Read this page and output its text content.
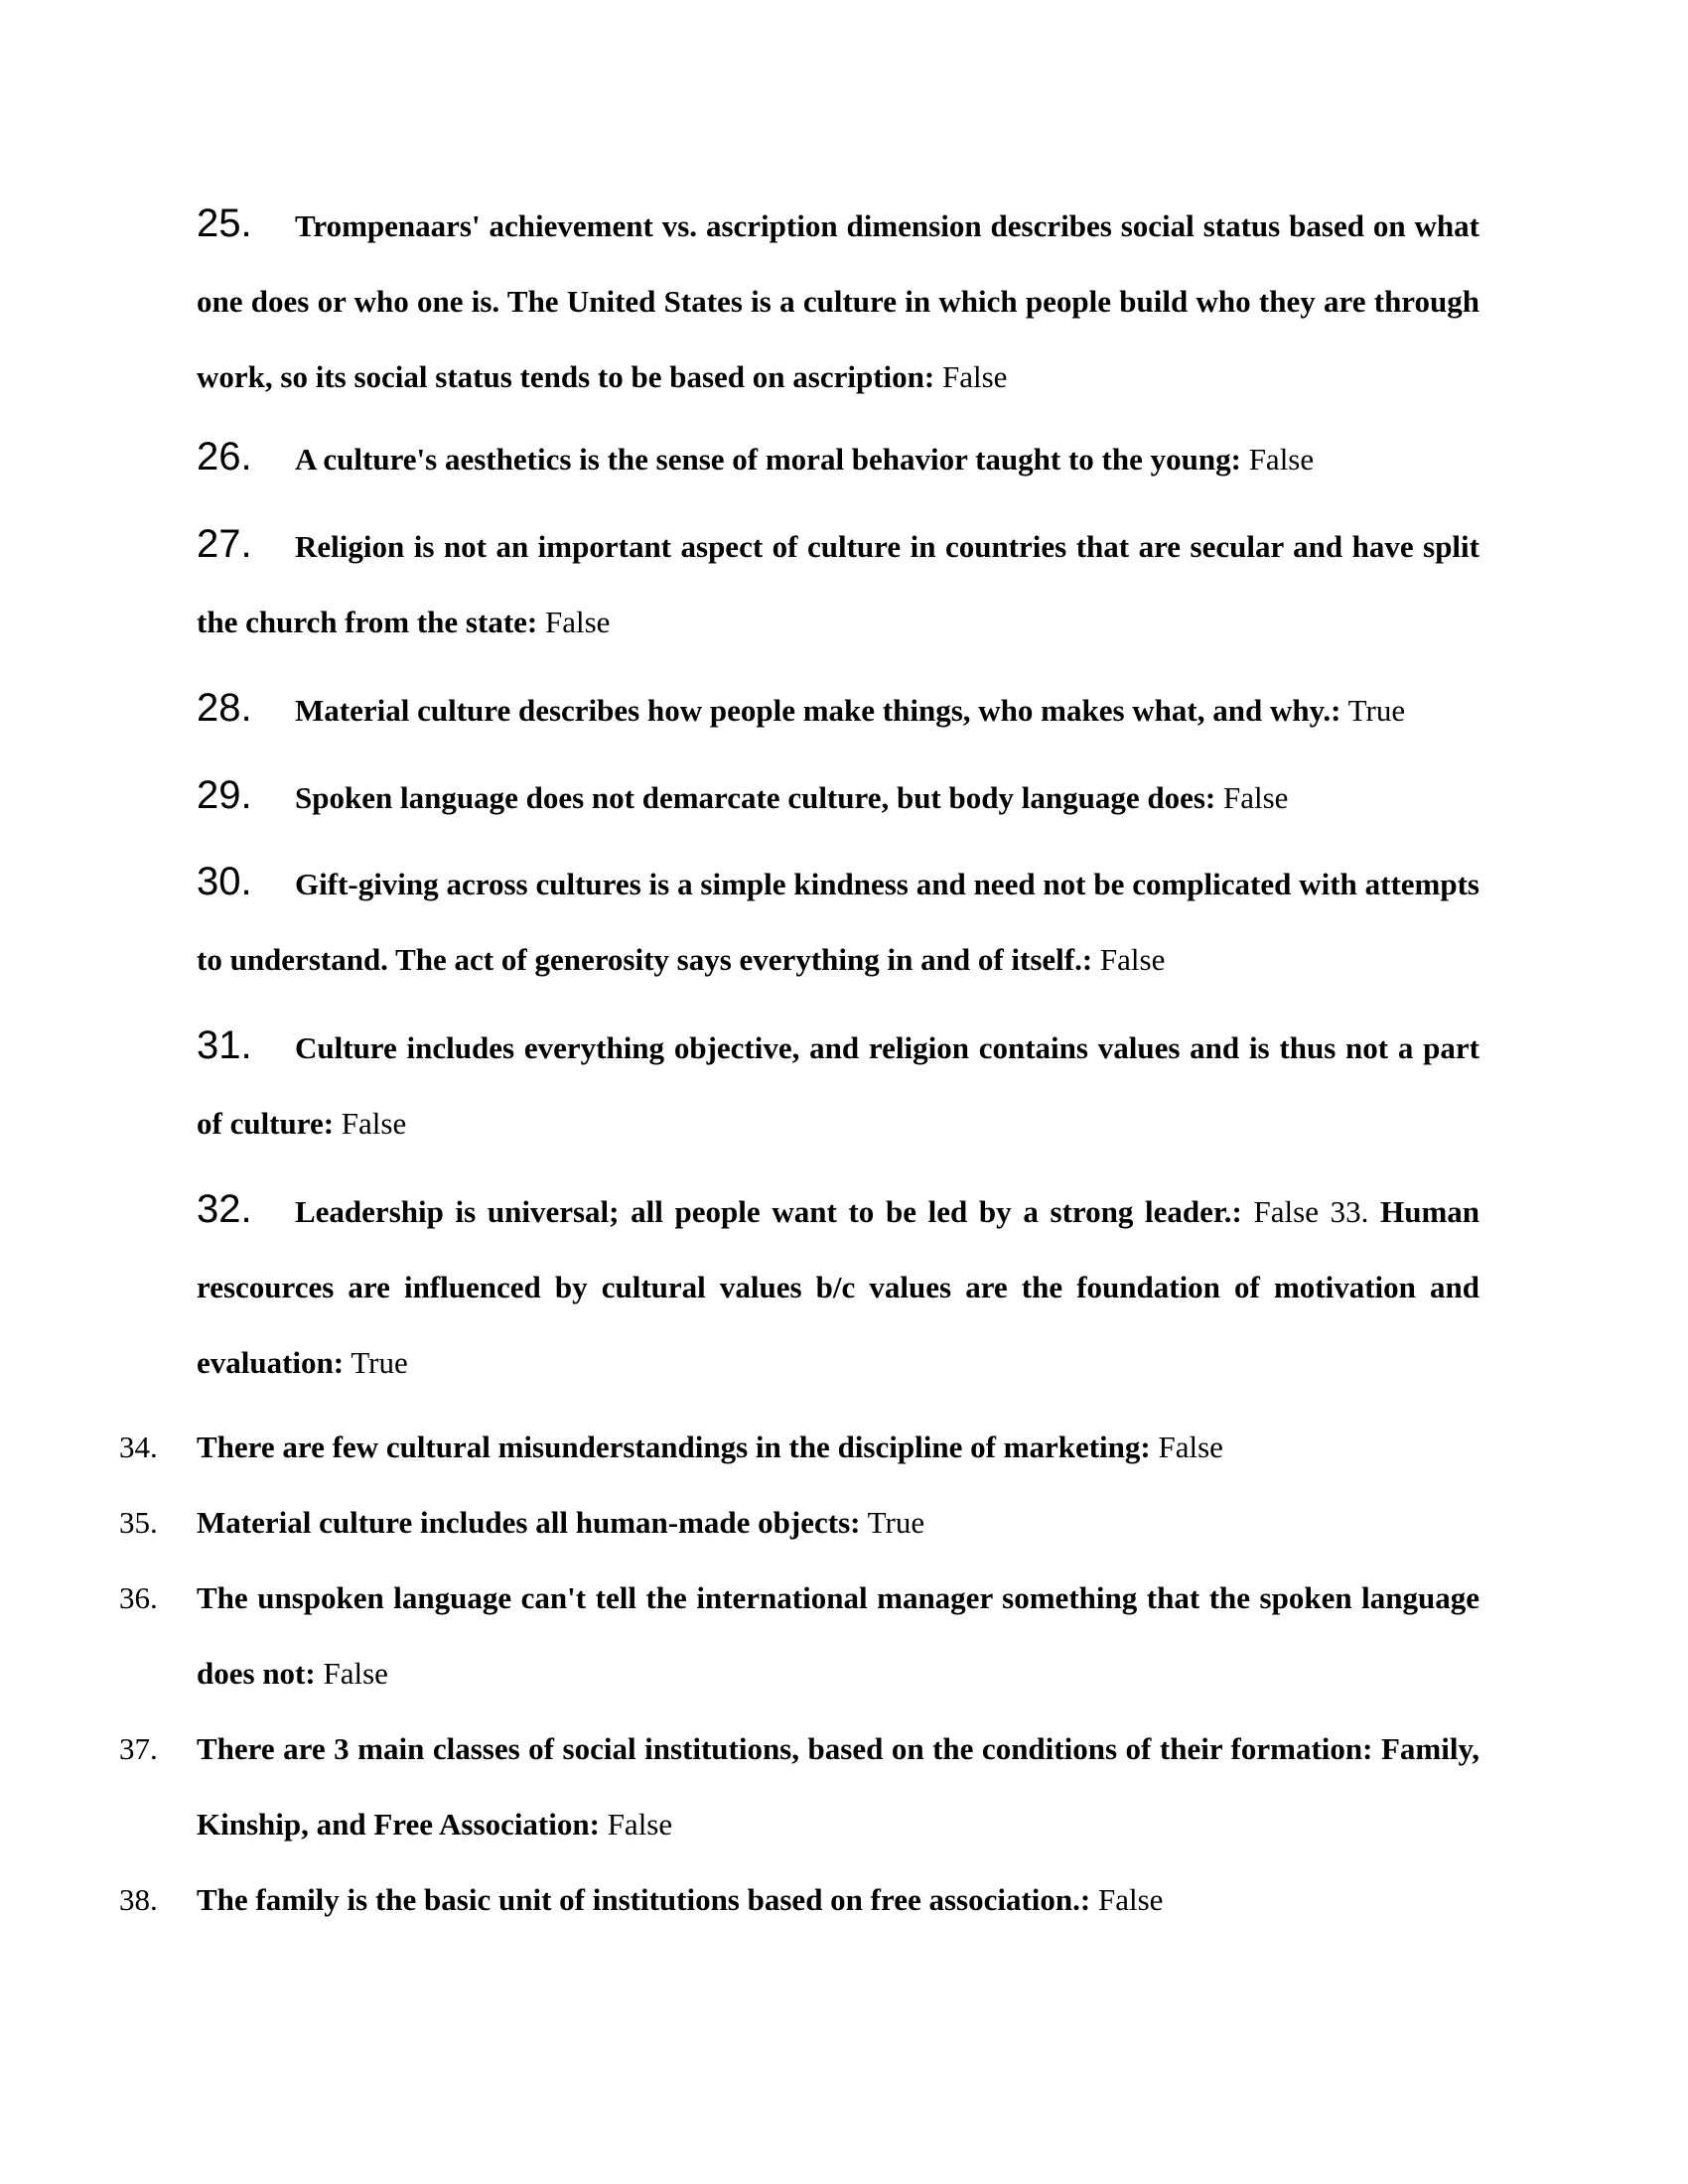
25. Trompenaars' achievement vs. ascription dimension describes social status based on what one does or who one is. The United States is a culture in which people build who they are through work, so its social status tends to be based on ascription: False
26. A culture's aesthetics is the sense of moral behavior taught to the young: False
27. Religion is not an important aspect of culture in countries that are secular and have split the church from the state: False
28. Material culture describes how people make things, who makes what, and why.: True
29. Spoken language does not demarcate culture, but body language does: False
30. Gift-giving across cultures is a simple kindness and need not be complicated with attempts to understand. The act of generosity says everything in and of itself.: False
31. Culture includes everything objective, and religion contains values and is thus not a part of culture: False
32. Leadership is universal; all people want to be led by a strong leader.: False 33. Human rescources are influenced by cultural values b/c values are the foundation of motivation and evaluation: True
34.	There are few cultural misunderstandings in the discipline of marketing: False
35.	Material culture includes all human-made objects: True
36.	The unspoken language can't tell the international manager something that the spoken language does not: False
37.	There are 3 main classes of social institutions, based on the conditions of their formation: Family, Kinship, and Free Association: False
38.	The family is the basic unit of institutions based on free association.: False
